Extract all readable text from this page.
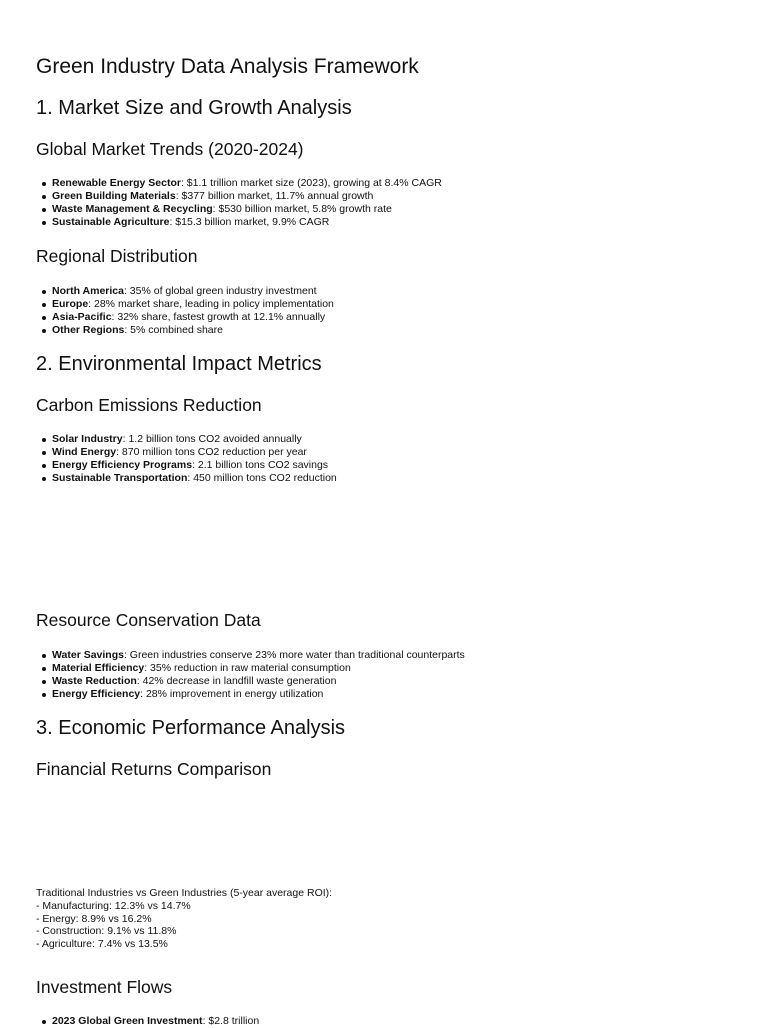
Green Industry Data Analysis Framework
1. Market Size and Growth Analysis
Global Market Trends (2020-2024)
Renewable Energy Sector: $1.1 trillion market size (2023), growing at 8.4% CAGR
Green Building Materials: $377 billion market, 11.7% annual growth
Waste Management & Recycling: $530 billion market, 5.8% growth rate
Sustainable Agriculture: $15.3 billion market, 9.9% CAGR
Regional Distribution
North America: 35% of global green industry investment
Europe: 28% market share, leading in policy implementation
Asia-Pacific: 32% share, fastest growth at 12.1% annually
Other Regions: 5% combined share
2. Environmental Impact Metrics
Carbon Emissions Reduction
Solar Industry: 1.2 billion tons CO2 avoided annually
Wind Energy: 870 million tons CO2 reduction per year
Energy Efficiency Programs: 2.1 billion tons CO2 savings
Sustainable Transportation: 450 million tons CO2 reduction
Resource Conservation Data
Water Savings: Green industries conserve 23% more water than traditional counterparts
Material Efficiency: 35% reduction in raw material consumption
Waste Reduction: 42% decrease in landfill waste generation
Energy Efficiency: 28% improvement in energy utilization
3. Economic Performance Analysis
Financial Returns Comparison
Traditional Industries vs Green Industries (5-year average ROI):
- Manufacturing: 12.3% vs 14.7%
- Energy: 8.9% vs 16.2%
- Construction: 9.1% vs 11.8%
- Agriculture: 7.4% vs 13.5%
Investment Flows
2023 Global Green Investment: $2.8 trillion
